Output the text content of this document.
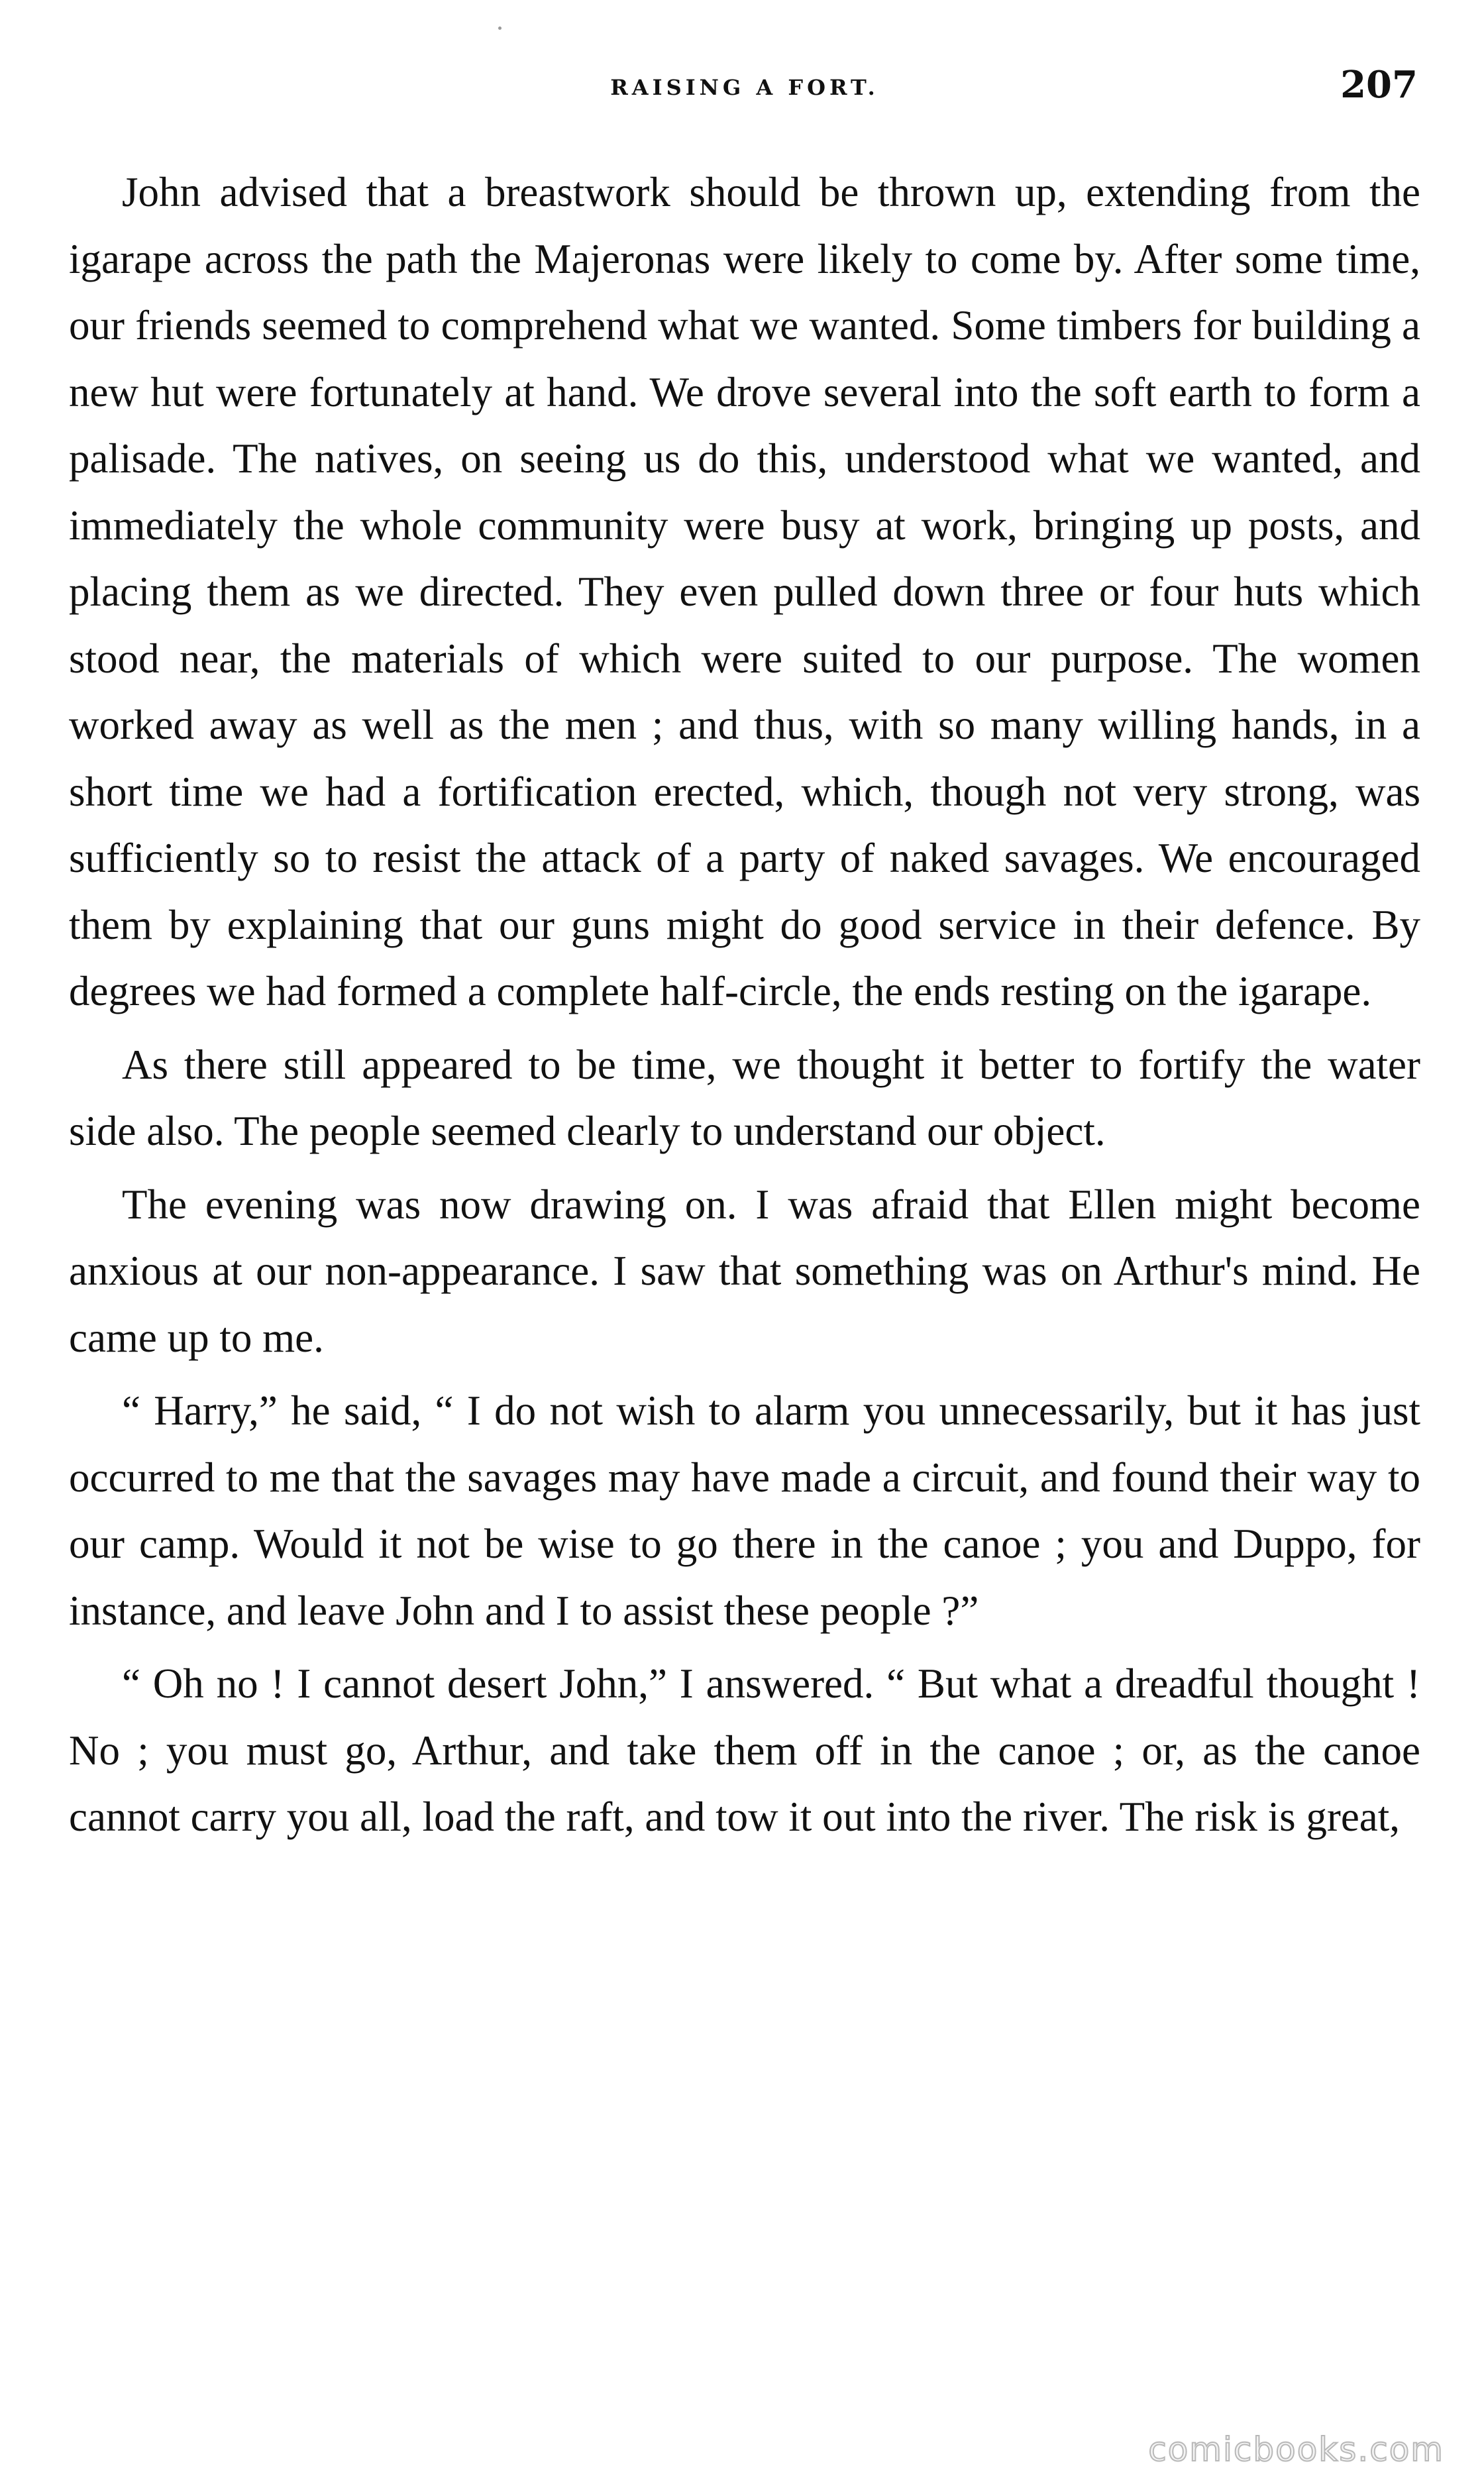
RAISING A FORT.	207

John advised that a breastwork should be thrown up, extending from the igarape across the path the Majeronas were likely to come by. After some time, our friends seemed to comprehend what we wanted. Some timbers for building a new hut were fortunately at hand. We drove several into the soft earth to form a palisade. The natives, on seeing us do this, understood what we wanted, and immediately the whole community were busy at work, bringing up posts, and placing them as we directed. They even pulled down three or four huts which stood near, the materials of which were suited to our purpose. The women worked away as well as the men ; and thus, with so many willing hands, in a short time we had a fortification erected, which, though not very strong, was sufficiently so to resist the attack of a party of naked savages. We encouraged them by explaining that our guns might do good service in their defence. By degrees we had formed a complete half-circle, the ends resting on the igarape.

As there still appeared to be time, we thought it better to fortify the water side also. The people seemed clearly to understand our object.

The evening was now drawing on. I was afraid that Ellen might become anxious at our non-appearance. I saw that something was on Arthur's mind. He came up to me.

“ Harry,” he said, “ I do not wish to alarm you unnecessarily, but it has just occurred to me that the savages may have made a circuit, and found their way to our camp. Would it not be wise to go there in the canoe ; you and Duppo, for instance, and leave John and I to assist these people ?”

“ Oh no ! I cannot desert John,” I answered. “ But what a dreadful thought ! No ; you must go, Arthur, and take them off in the canoe ; or, as the canoe cannot carry you all, load the raft, and tow it out into the river. The risk is great,

comicbooks.com
